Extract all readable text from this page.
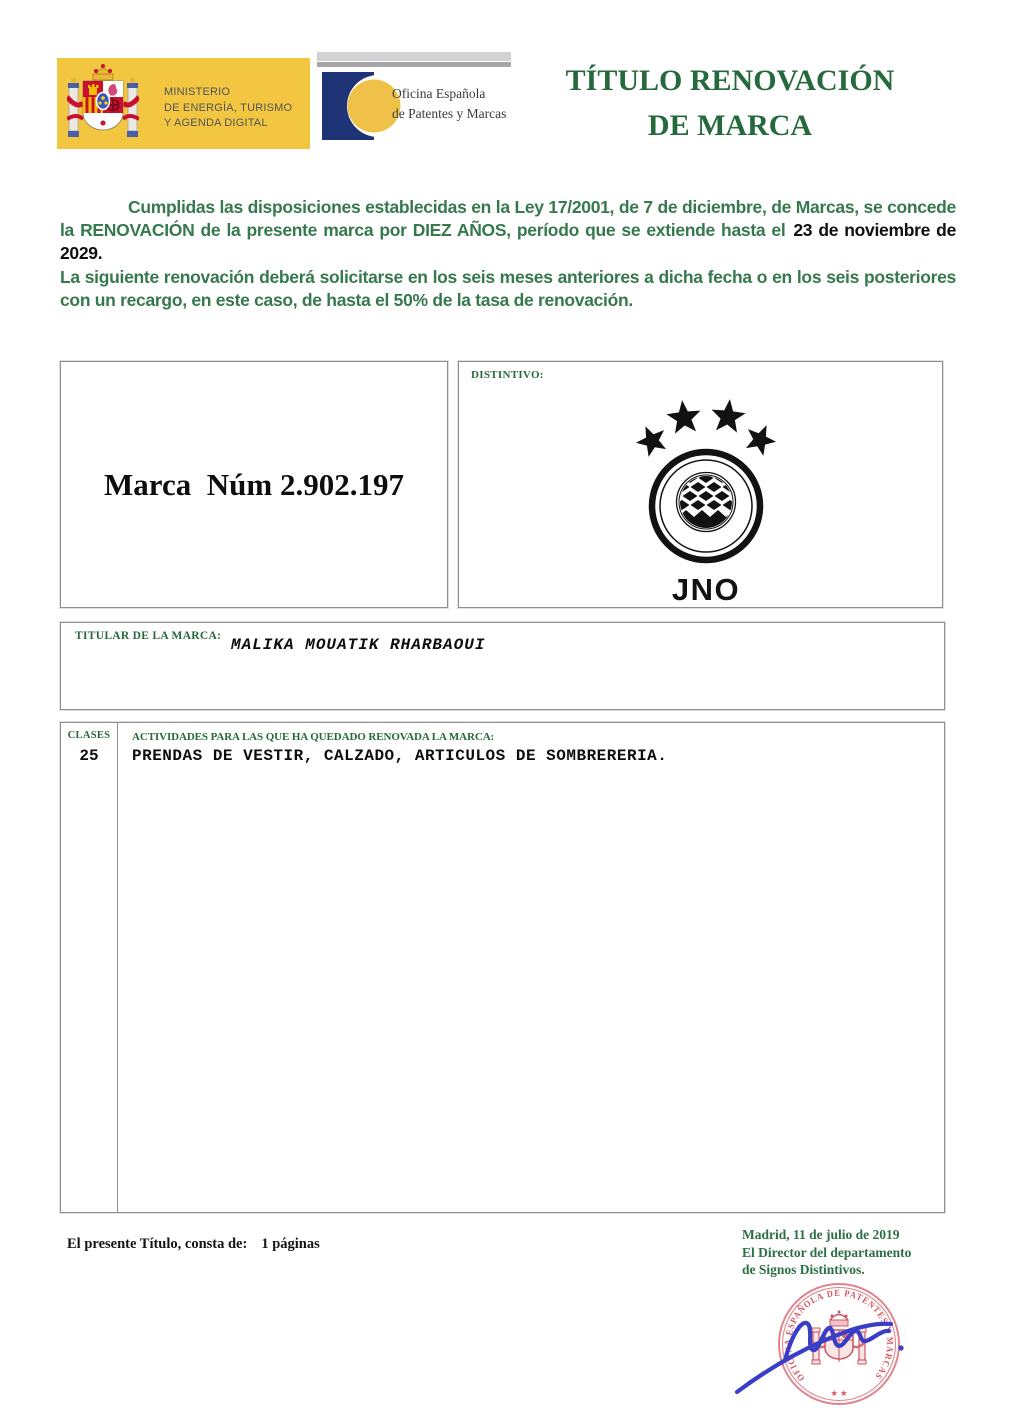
MINISTERIO
DE ENERGÍA, TURISMO
Y AGENDA DIGITAL
Oficina Española
de Patentes y Marcas
TÍTULO RENOVACIÓN
DE MARCA

Cumplidas las disposiciones establecidas en la Ley 17/2001, de 7 de diciembre, de Marcas, se concede la RENOVACIÓN de la presente marca por DIEZ AÑOS, período que se extiende hasta el 23 de noviembre de 2029.

La siguiente renovación deberá solicitarse en los seis meses anteriores a dicha fecha o en los seis posteriores con un recargo, en este caso, de hasta el 50% de la tasa de renovación.

Marca  Núm 2.902.197
DISTINTIVO:
JNO
TITULAR DE LA MARCA: MALIKA MOUATIK RHARBAOUI
CLASES
25
ACTIVIDADES PARA LAS QUE HA QUEDADO RENOVADA LA MARCA:
PRENDAS DE VESTIR, CALZADO, ARTICULOS DE SOMBRERERIA.
El presente Título, consta de: 1 páginas
Madrid, 11 de julio de 2019
El Director del departamento
de Signos Distintivos.
OFICINA ESPAÑOLA DE PATENTES Y MARCAS
★ ★
